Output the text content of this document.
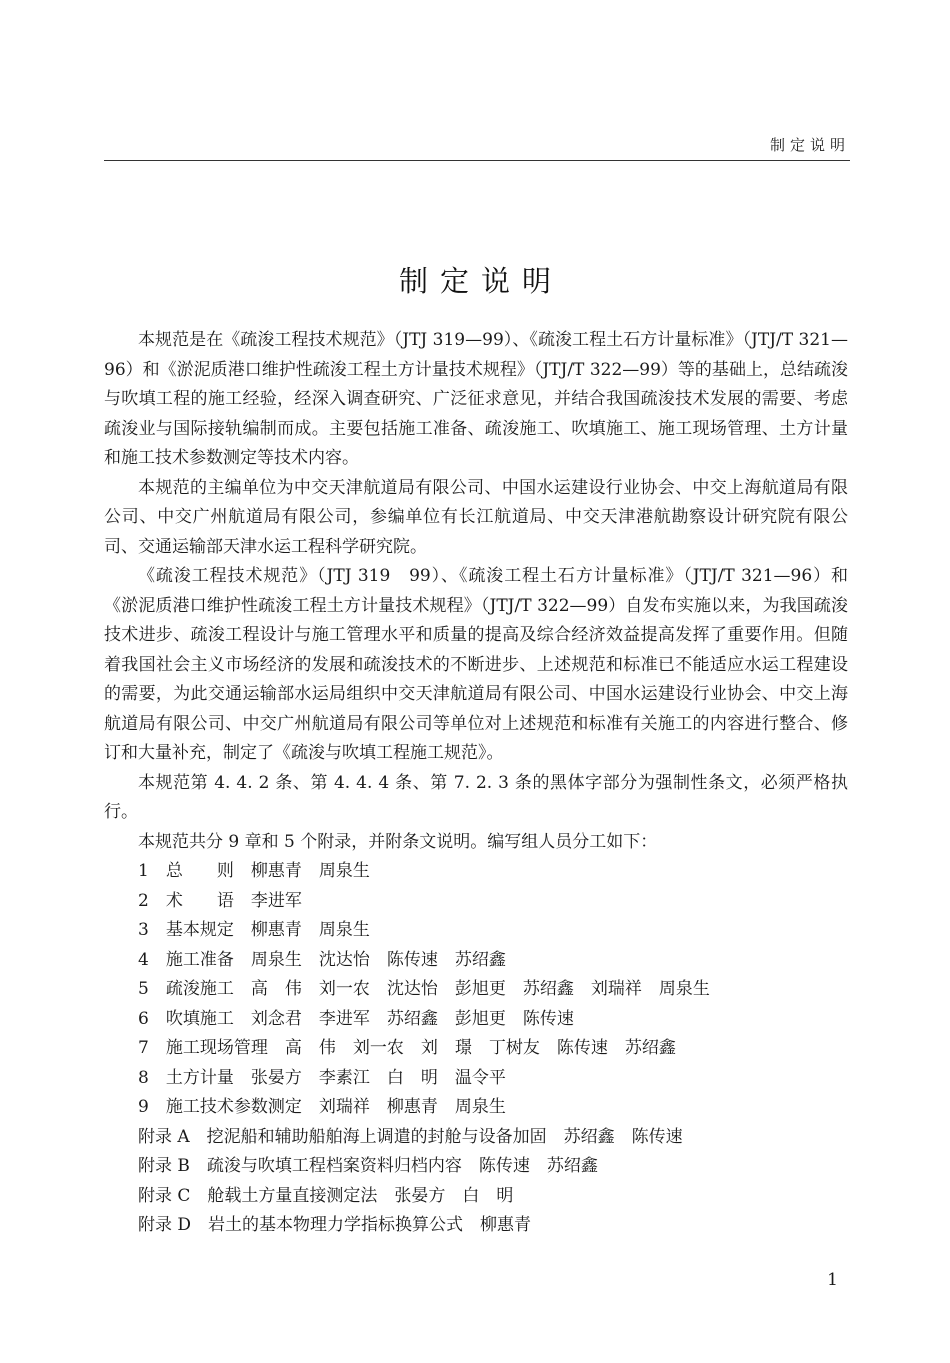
制定说明
制定说明

本规范是在《疏浚工程技术规范》（JTJ 319—99）、《疏浚工程土石方计量标准》（JTJ/T 321—96）和《淤泥质港口维护性疏浚工程土方计量技术规程》（JTJ/T 322—99）等的基础上，总结疏浚与吹填工程的施工经验，经深入调查研究、广泛征求意见，并结合我国疏浚技术发展的需要、考虑疏浚业与国际接轨编制而成。主要包括施工准备、疏浚施工、吹填施工、施工现场管理、土方计量和施工技术参数测定等技术内容。

本规范的主编单位为中交天津航道局有限公司、中国水运建设行业协会、中交上海航道局有限公司、中交广州航道局有限公司，参编单位有长江航道局、中交天津港航勘察设计研究院有限公司、交通运输部天津水运工程科学研究院。

《疏浚工程技术规范》（JTJ 319　99）、《疏浚工程土石方计量标准》（JTJ/T 321—96）和《淤泥质港口维护性疏浚工程土方计量技术规程》（JTJ/T 322—99）自发布实施以来，为我国疏浚技术进步、疏浚工程设计与施工管理水平和质量的提高及综合经济效益提高发挥了重要作用。但随着我国社会主义市场经济的发展和疏浚技术的不断进步、上述规范和标准已不能适应水运工程建设的需要，为此交通运输部水运局组织中交天津航道局有限公司、中国水运建设行业协会、中交上海航道局有限公司、中交广州航道局有限公司等单位对上述规范和标准有关施工的内容进行整合、修订和大量补充，制定了《疏浚与吹填工程施工规范》。

本规范第 4. 4. 2 条、第 4. 4. 4 条、第 7. 2. 3 条的黑体字部分为强制性条文，必须严格执行。

本规范共分 9 章和 5 个附录，并附条文说明。编写组人员分工如下：

1　总　　则　柳惠青　周泉生
2　术　　语　李进军
3　基本规定　柳惠青　周泉生
4　施工准备　周泉生　沈达怡　陈传速　苏绍鑫
5　疏浚施工　高　伟　刘一农　沈达怡　彭旭更　苏绍鑫　刘瑞祥　周泉生
6　吹填施工　刘念君　李进军　苏绍鑫　彭旭更　陈传速
7　施工现场管理　高　伟　刘一农　刘　璟　丁树友　陈传速　苏绍鑫
8　土方计量　张晏方　李素江　白　明　温令平
9　施工技术参数测定　刘瑞祥　柳惠青　周泉生
附录 A　挖泥船和辅助船舶海上调遣的封舱与设备加固　苏绍鑫　陈传速
附录 B　疏浚与吹填工程档案资料归档内容　陈传速　苏绍鑫
附录 C　舱载土方量直接测定法　张晏方　白　明
附录 D　岩土的基本物理力学指标换算公式　柳惠青
1
